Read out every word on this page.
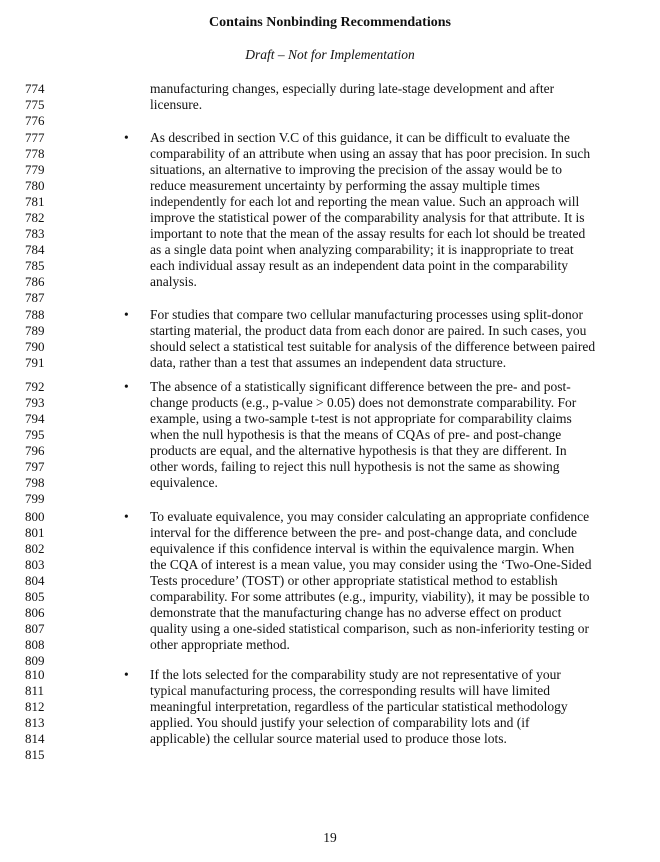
Contains Nonbinding Recommendations
Draft – Not for Implementation
774	manufacturing changes, especially during late-stage development and after
775	licensure.
776
777	• As described in section V.C of this guidance, it can be difficult to evaluate the
778	comparability of an attribute when using an assay that has poor precision. In such
779	situations, an alternative to improving the precision of the assay would be to
780	reduce measurement uncertainty by performing the assay multiple times
781	independently for each lot and reporting the mean value. Such an approach will
782	improve the statistical power of the comparability analysis for that attribute. It is
783	important to note that the mean of the assay results for each lot should be treated
784	as a single data point when analyzing comparability; it is inappropriate to treat
785	each individual assay result as an independent data point in the comparability
786	analysis.
787
788	• For studies that compare two cellular manufacturing processes using split-donor
789	starting material, the product data from each donor are paired. In such cases, you
790	should select a statistical test suitable for analysis of the difference between paired
791	data, rather than a test that assumes an independent data structure.
792	• The absence of a statistically significant difference between the pre- and post-
793	change products (e.g., p-value > 0.05) does not demonstrate comparability. For
794	example, using a two-sample t-test is not appropriate for comparability claims
795	when the null hypothesis is that the means of CQAs of pre- and post-change
796	products are equal, and the alternative hypothesis is that they are different. In
797	other words, failing to reject this null hypothesis is not the same as showing
798	equivalence.
799
800	• To evaluate equivalence, you may consider calculating an appropriate confidence
801	interval for the difference between the pre- and post-change data, and conclude
802	equivalence if this confidence interval is within the equivalence margin. When
803	the CQA of interest is a mean value, you may consider using the ‘Two-One-Sided
804	Tests procedure’ (TOST) or other appropriate statistical method to establish
805	comparability. For some attributes (e.g., impurity, viability), it may be possible to
806	demonstrate that the manufacturing change has no adverse effect on product
807	quality using a one-sided statistical comparison, such as non-inferiority testing or
808	other appropriate method.
809
810	• If the lots selected for the comparability study are not representative of your
811	typical manufacturing process, the corresponding results will have limited
812	meaningful interpretation, regardless of the particular statistical methodology
813	applied. You should justify your selection of comparability lots and (if
814	applicable) the cellular source material used to produce those lots.
815
19
